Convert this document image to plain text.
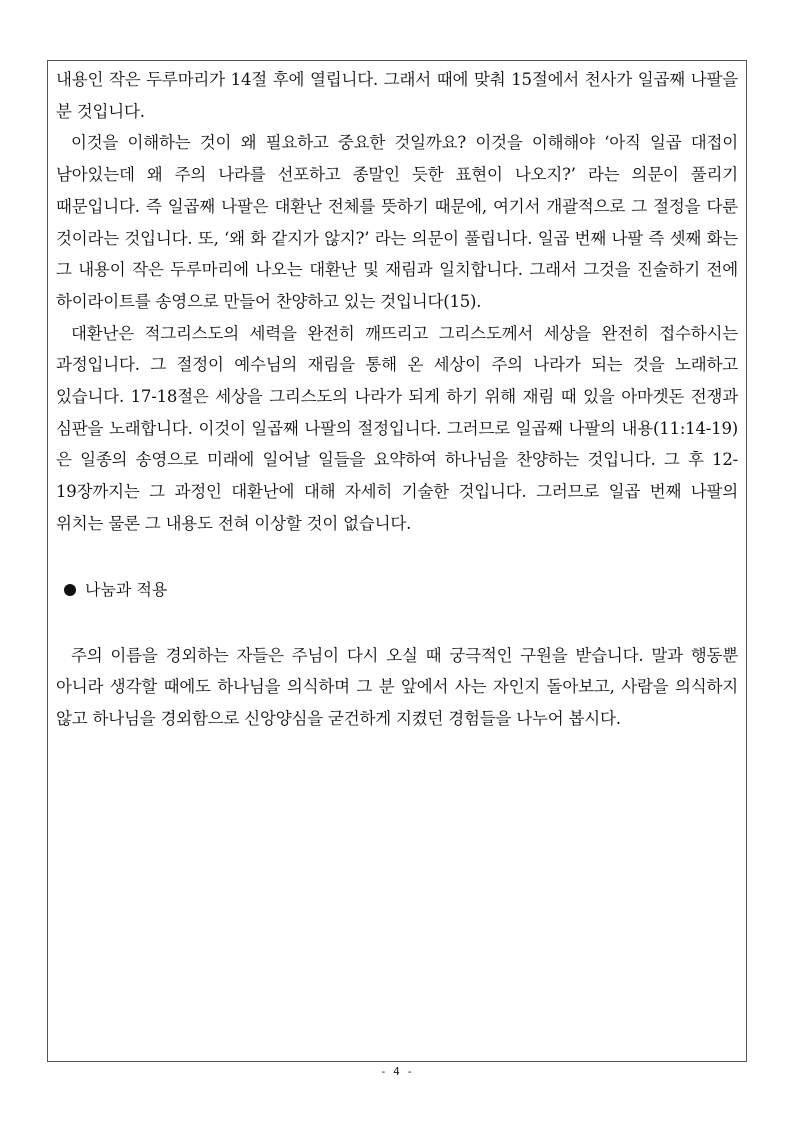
내용인 작은 두루마리가 14절 후에 열립니다. 그래서 때에 맞춰 15절에서 천사가 일곱째 나팔을 분 것입니다.

이것을 이해하는 것이 왜 필요하고 중요한 것일까요? 이것을 이해해야 ‘아직 일곱 대접이 남아있는데 왜 주의 나라를 선포하고 종말인 듯한 표현이 나오지?’ 라는 의문이 풀리기 때문입니다. 즉 일곱째 나팔은 대환난 전체를 뜻하기 때문에, 여기서 개괄적으로 그 절정을 다룬 것이라는 것입니다. 또, ‘왜 화 같지가 않지?’ 라는 의문이 풀립니다. 일곱 번째 나팔 즉 셋째 화는 그 내용이 작은 두루마리에 나오는 대환난 및 재림과 일치합니다. 그래서 그것을 진술하기 전에 하이라이트를 송영으로 만들어 찬양하고 있는 것입니다(15).

대환난은 적그리스도의 세력을 완전히 깨뜨리고 그리스도께서 세상을 완전히 접수하시는 과정입니다. 그 절정이 예수님의 재림을 통해 온 세상이 주의 나라가 되는 것을 노래하고 있습니다. 17-18절은 세상을 그리스도의 나라가 되게 하기 위해 재림 때 있을 아마겟돈 전쟁과 심판을 노래합니다. 이것이 일곱째 나팔의 절정입니다. 그러므로 일곱째 나팔의 내용(11:14-19)은 일종의 송영으로 미래에 일어날 일들을 요약하여 하나님을 찬양하는 것입니다. 그 후 12-19장까지는 그 과정인 대환난에 대해 자세히 기술한 것입니다. 그러므로 일곱 번째 나팔의 위치는 물론 그 내용도 전혀 이상할 것이 없습니다.

나눔과 적용

주의 이름을 경외하는 자들은 주님이 다시 오실 때 궁극적인 구원을 받습니다. 말과 행동뿐 아니라 생각할 때에도 하나님을 의식하며 그 분 앞에서 사는 자인지 돌아보고, 사람을 의식하지 않고 하나님을 경외함으로 신앙양심을 굳건하게 지켰던 경험들을 나누어 봅시다.

- 4 -
